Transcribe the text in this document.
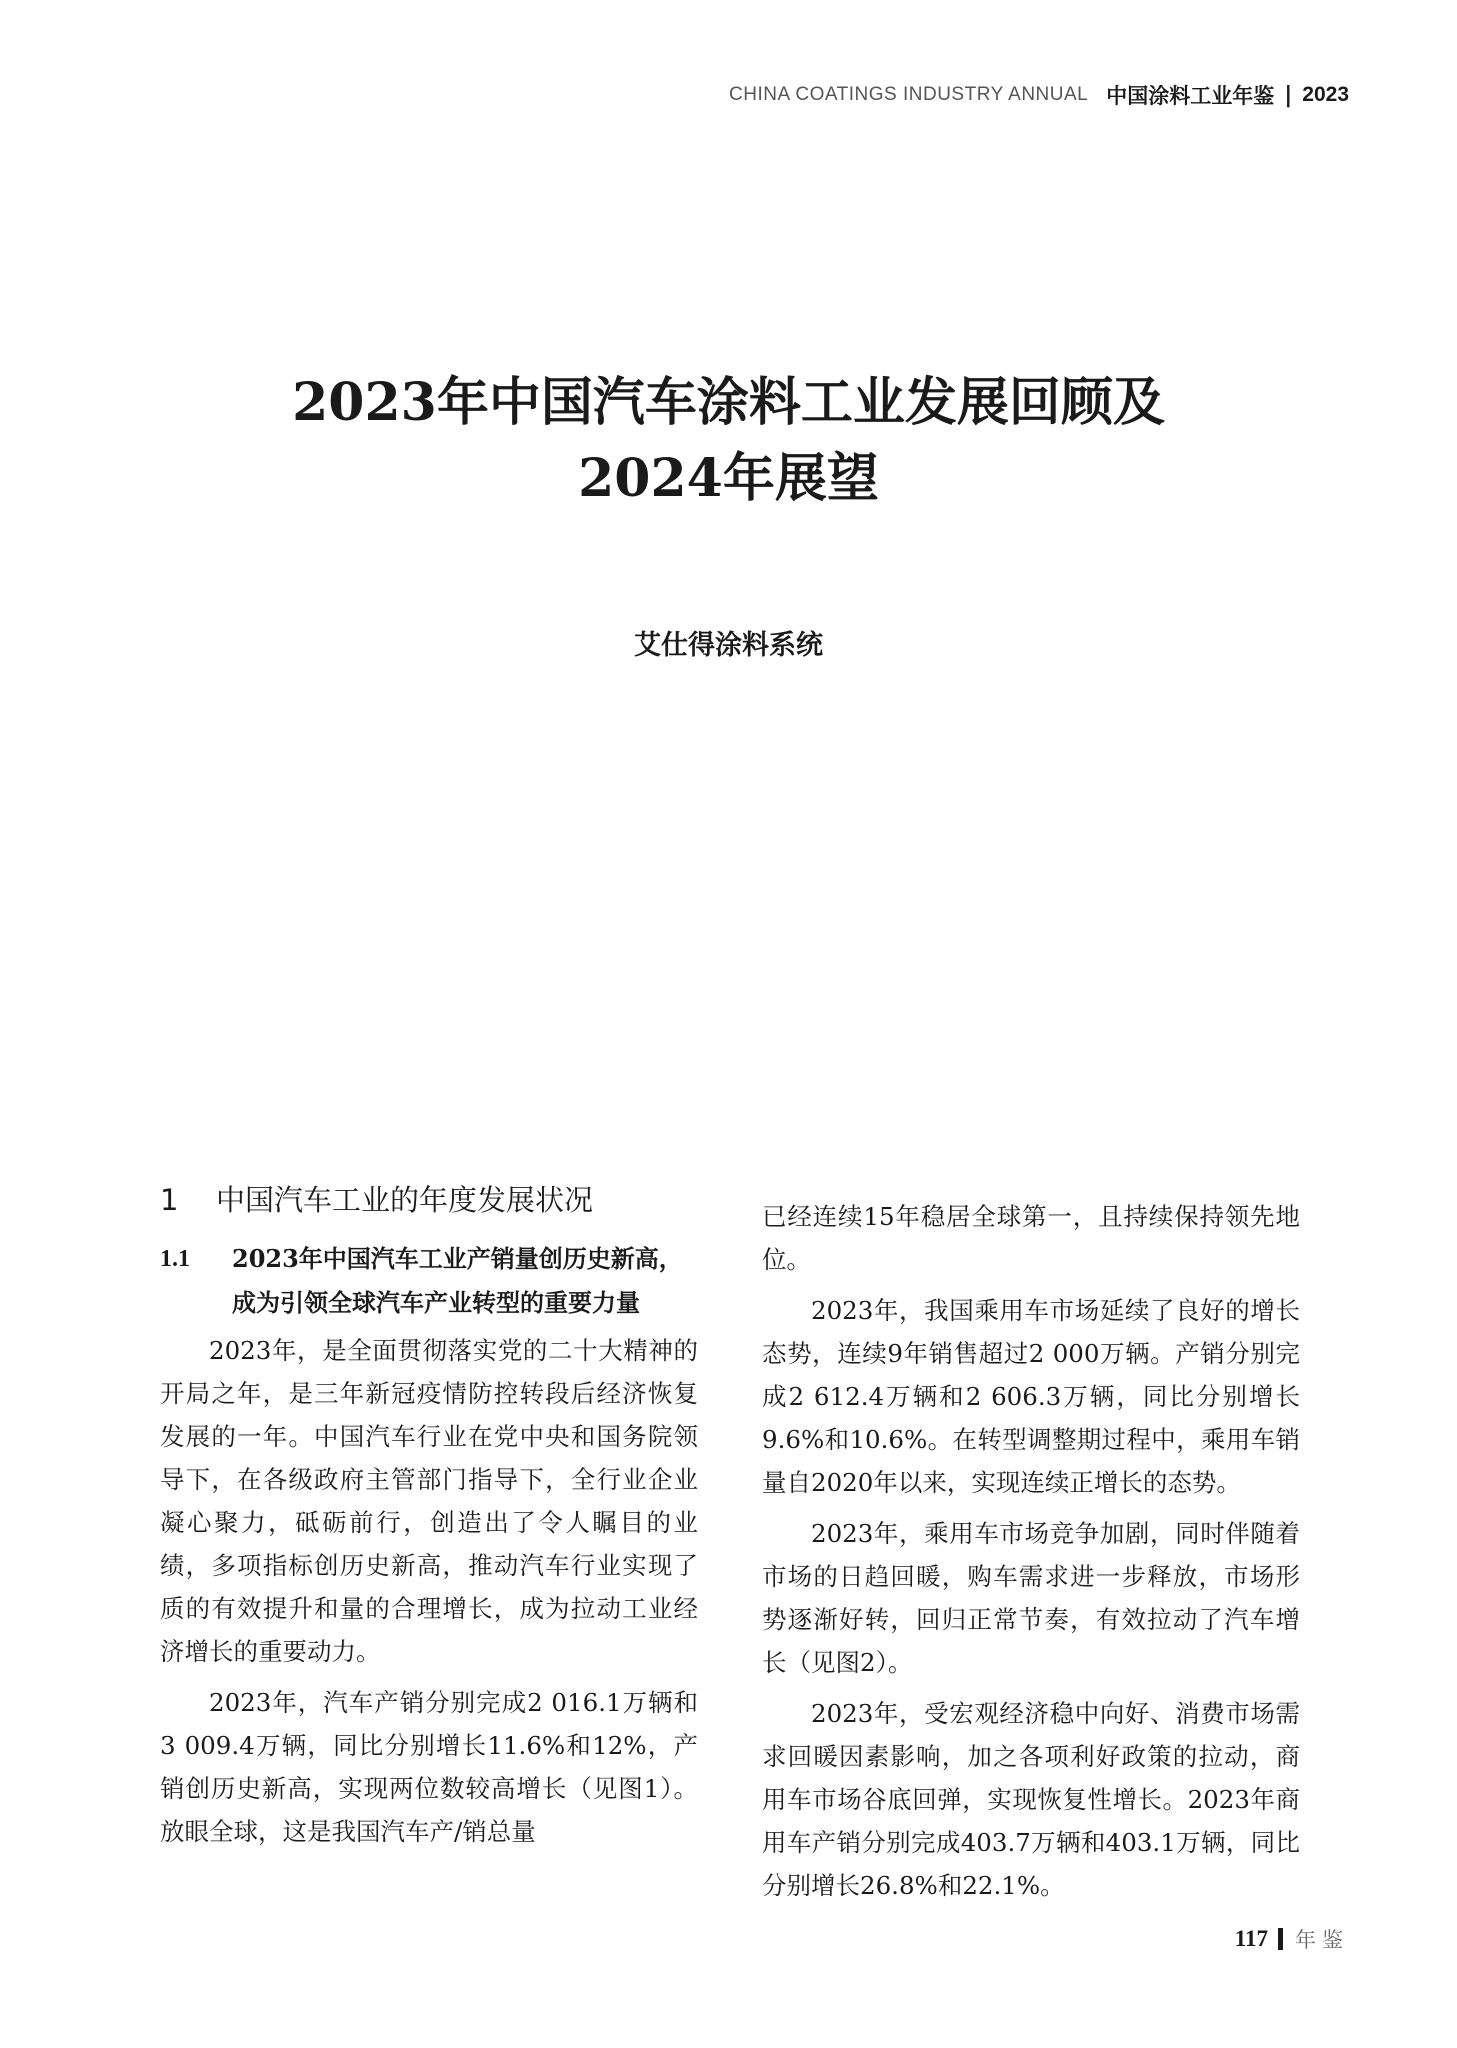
CHINA COATINGS INDUSTRY ANNUAL 中国涂料工业年鉴 | 2023
2023年中国汽车涂料工业发展回顾及
2024年展望
艾仕得涂料系统
1	中国汽车工业的年度发展状况
1.1	2023年中国汽车工业产销量创历史新高，成为引领全球汽车产业转型的重要力量

2023年，是全面贯彻落实党的二十大精神的开局之年，是三年新冠疫情防控转段后经济恢复发展的一年。中国汽车行业在党中央和国务院领导下，在各级政府主管部门指导下，全行业企业凝心聚力，砥砺前行，创造出了令人瞩目的业绩，多项指标创历史新高，推动汽车行业实现了质的有效提升和量的合理增长，成为拉动工业经济增长的重要动力。

2023年，汽车产销分别完成2 016.1万辆和3 009.4万辆，同比分别增长11.6%和12%，产销创历史新高，实现两位数较高增长（见图1）。放眼全球，这是我国汽车产/销总量

已经连续15年稳居全球第一，且持续保持领先地位。

2023年，我国乘用车市场延续了良好的增长态势，连续9年销售超过2 000万辆。产销分别完成2 612.4万辆和2 606.3万辆，同比分别增长9.6%和10.6%。在转型调整期过程中，乘用车销量自2020年以来，实现连续正增长的态势。

2023年，乘用车市场竞争加剧，同时伴随着市场的日趋回暖，购车需求进一步释放，市场形势逐渐好转，回归正常节奏，有效拉动了汽车增长（见图2）。

2023年，受宏观经济稳中向好、消费市场需求回暖因素影响，加之各项利好政策的拉动，商用车市场谷底回弹，实现恢复性增长。2023年商用车产销分别完成403.7万辆和403.1万辆，同比分别增长26.8%和22.1%。

117 年鉴
